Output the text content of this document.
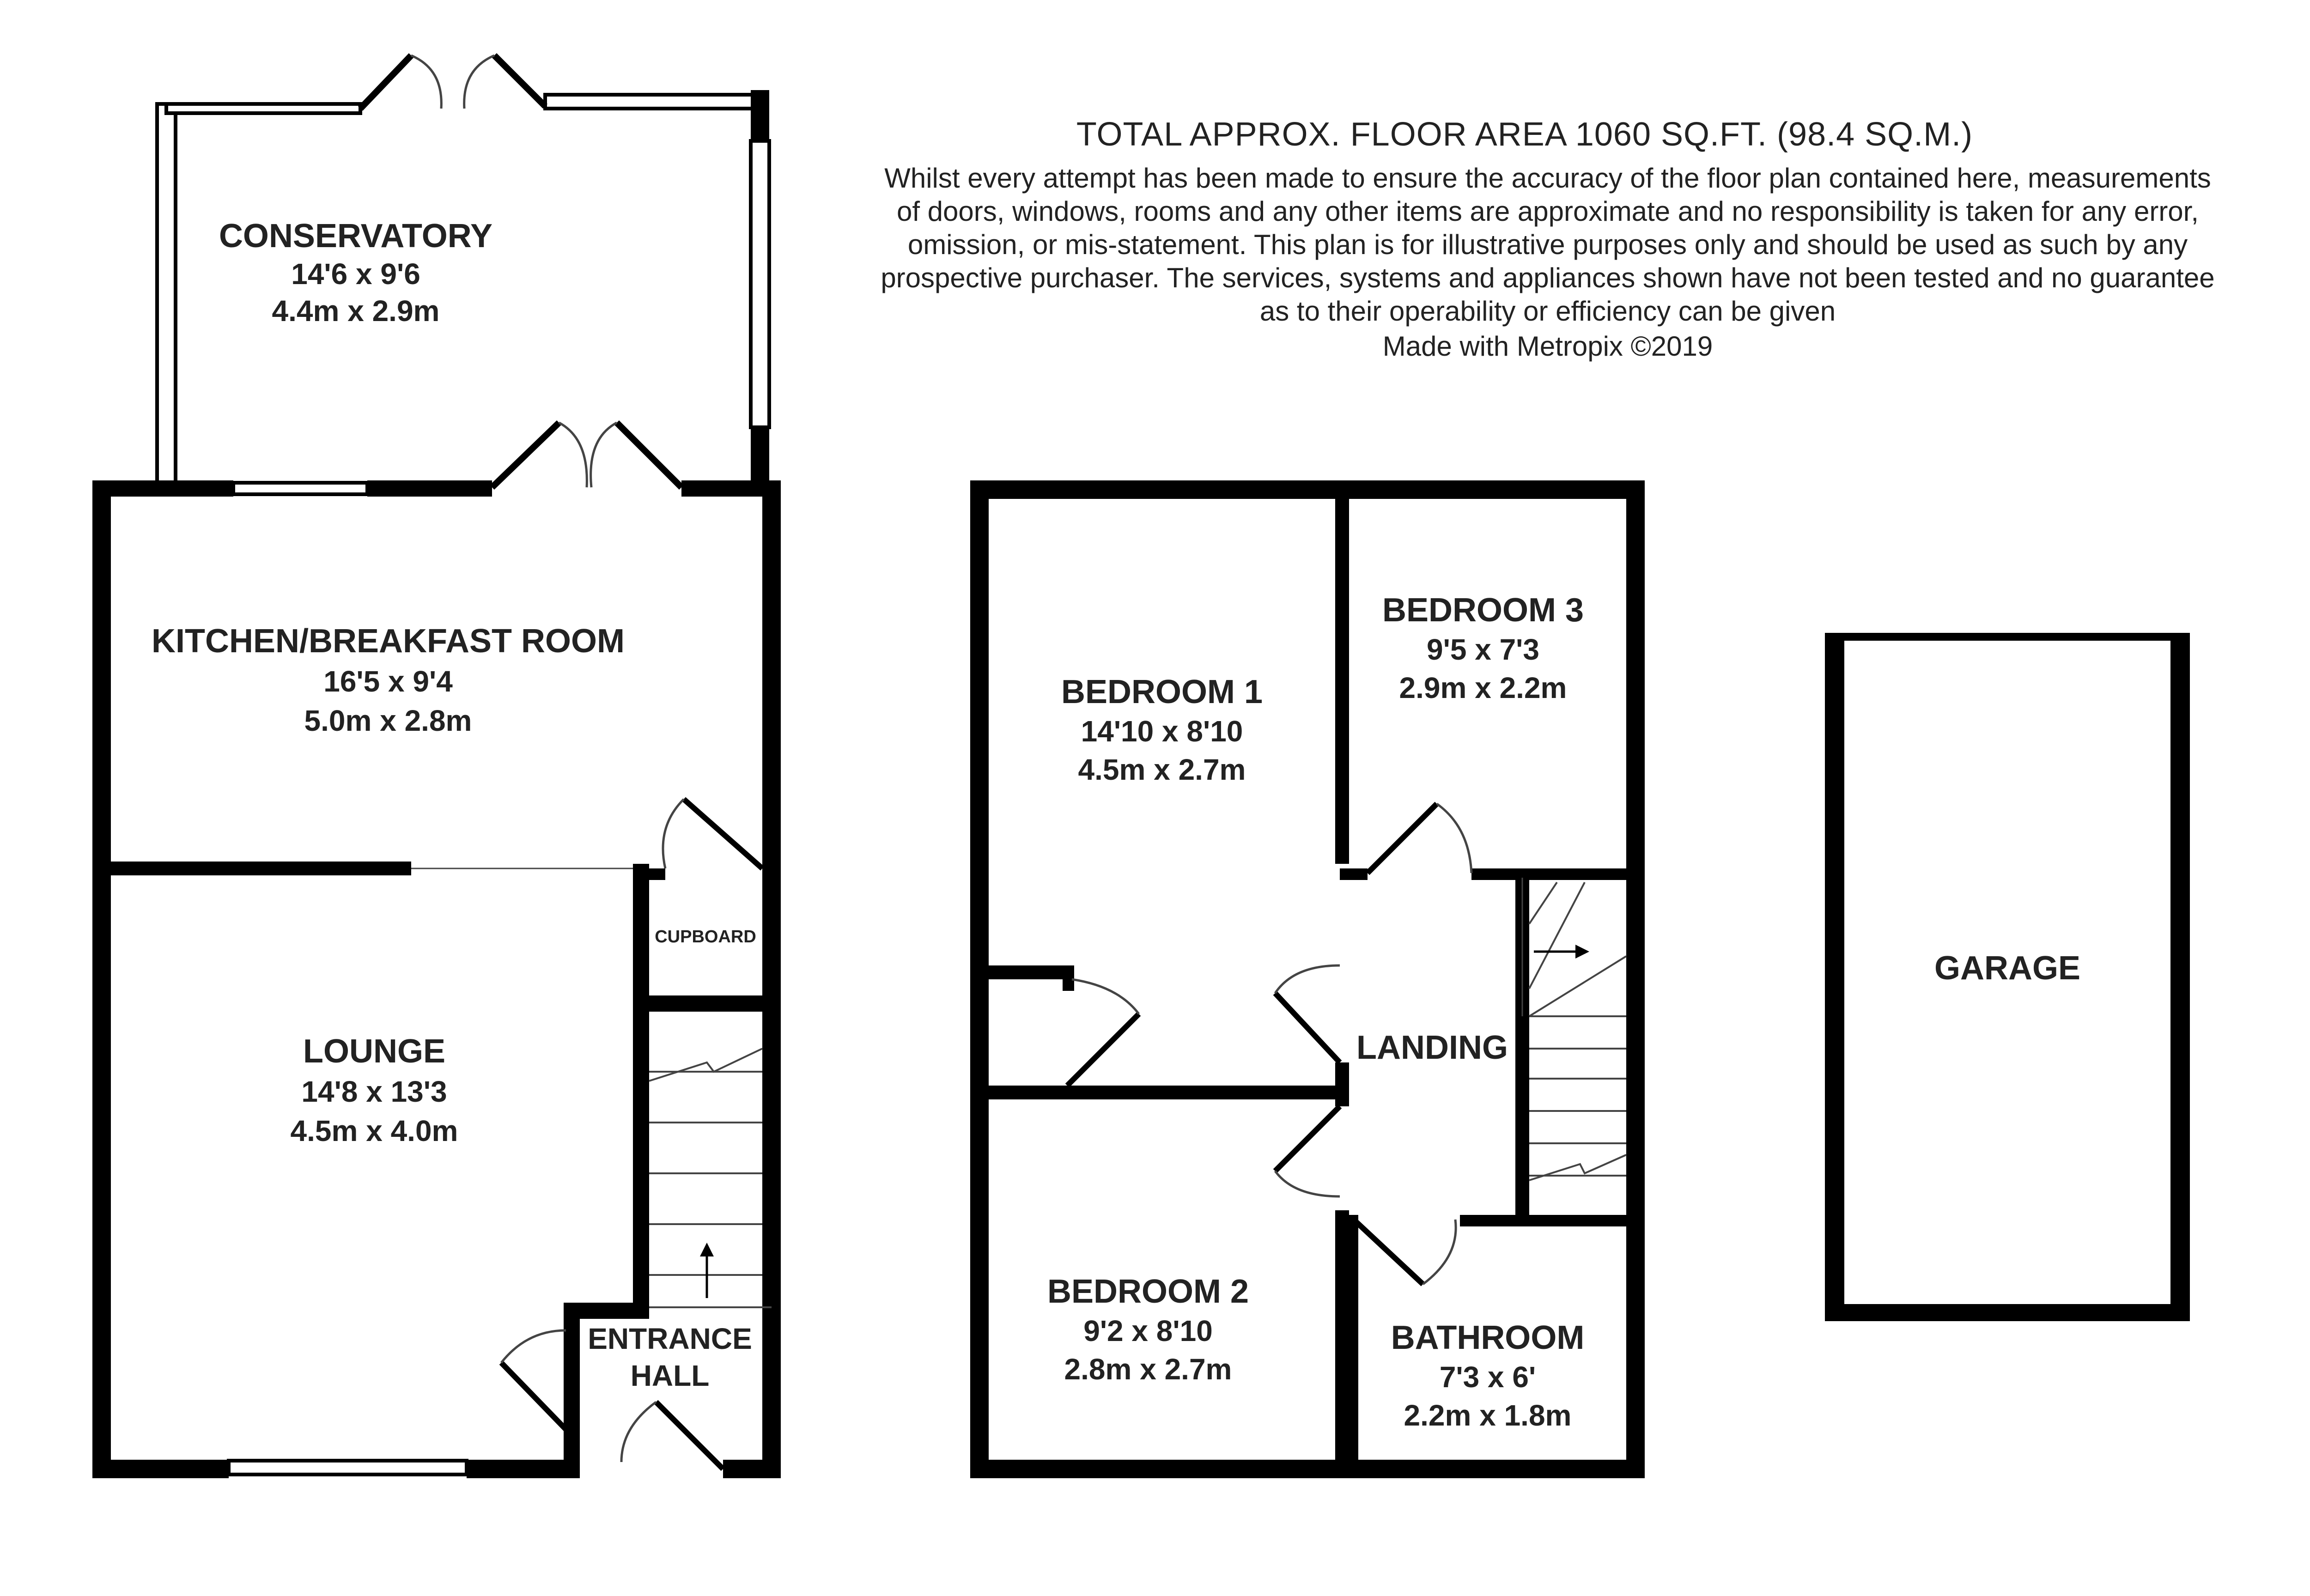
TOTAL APPROX. FLOOR AREA 1060 SQ.FT. (98.4 SQ.M.)
Whilst every attempt has been made to ensure the accuracy of the floor plan contained here, measurements
of doors, windows, rooms and any other items are approximate and no responsibility is taken for any error,
omission, or mis-statement. This plan is for illustrative purposes only and should be used as such by any
prospective purchaser. The services, systems and appliances shown have not been tested and no guarantee
as to their operability or efficiency can be given
Made with Metropix ©2019
CONSERVATORY
14'6 x 9'6
4.4m x 2.9m
KITCHEN/BREAKFAST ROOM
16'5 x 9'4
5.0m x 2.8m
CUPBOARD
LOUNGE
14'8 x 13'3
4.5m x 4.0m
ENTRANCE
HALL
BEDROOM 1
14'10 x 8'10
4.5m x 2.7m
BEDROOM 3
9'5 x 7'3
2.9m x 2.2m
LANDING
BEDROOM 2
9'2 x 8'10
2.8m x 2.7m
BATHROOM
7'3 x 6'
2.2m x 1.8m
GARAGE
